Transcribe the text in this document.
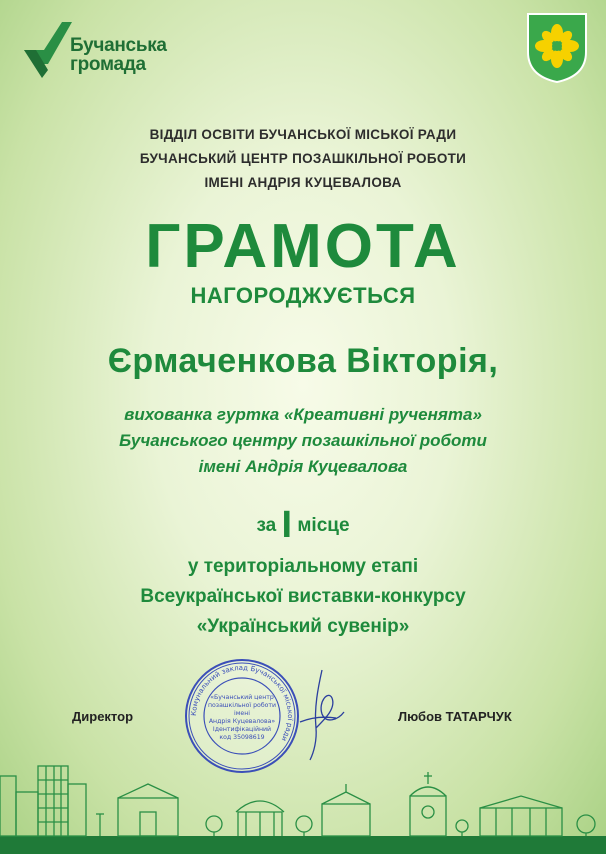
Бучанська
громада
ВІДДІЛ ОСВІТИ БУЧАНСЬКОЇ МІСЬКОЇ РАДИ
БУЧАНСЬКИЙ ЦЕНТР ПОЗАШКІЛЬНОЇ РОБОТИ
ІМЕНІ АНДРІЯ КУЦЕВАЛОВА
ГРАМОТА
НАГОРОДЖУЄТЬСЯ
Єрмаченкова Вікторія,
вихованка гуртка «Креативні рученята»
Бучанського центру позашкільної роботи
імені Андрія Куцевалова
за I місце
у територіальному етапі
Всеукраїнської виставки-конкурсу
«Український сувенір»
Директор	Любов ТАТАРЧУК
Комунальний заклад Бучанської міської ради
«Бучанський центр
позашкільної роботи
імені
Андрія Куцевалова»
Ідентифікаційний
код 35098619
